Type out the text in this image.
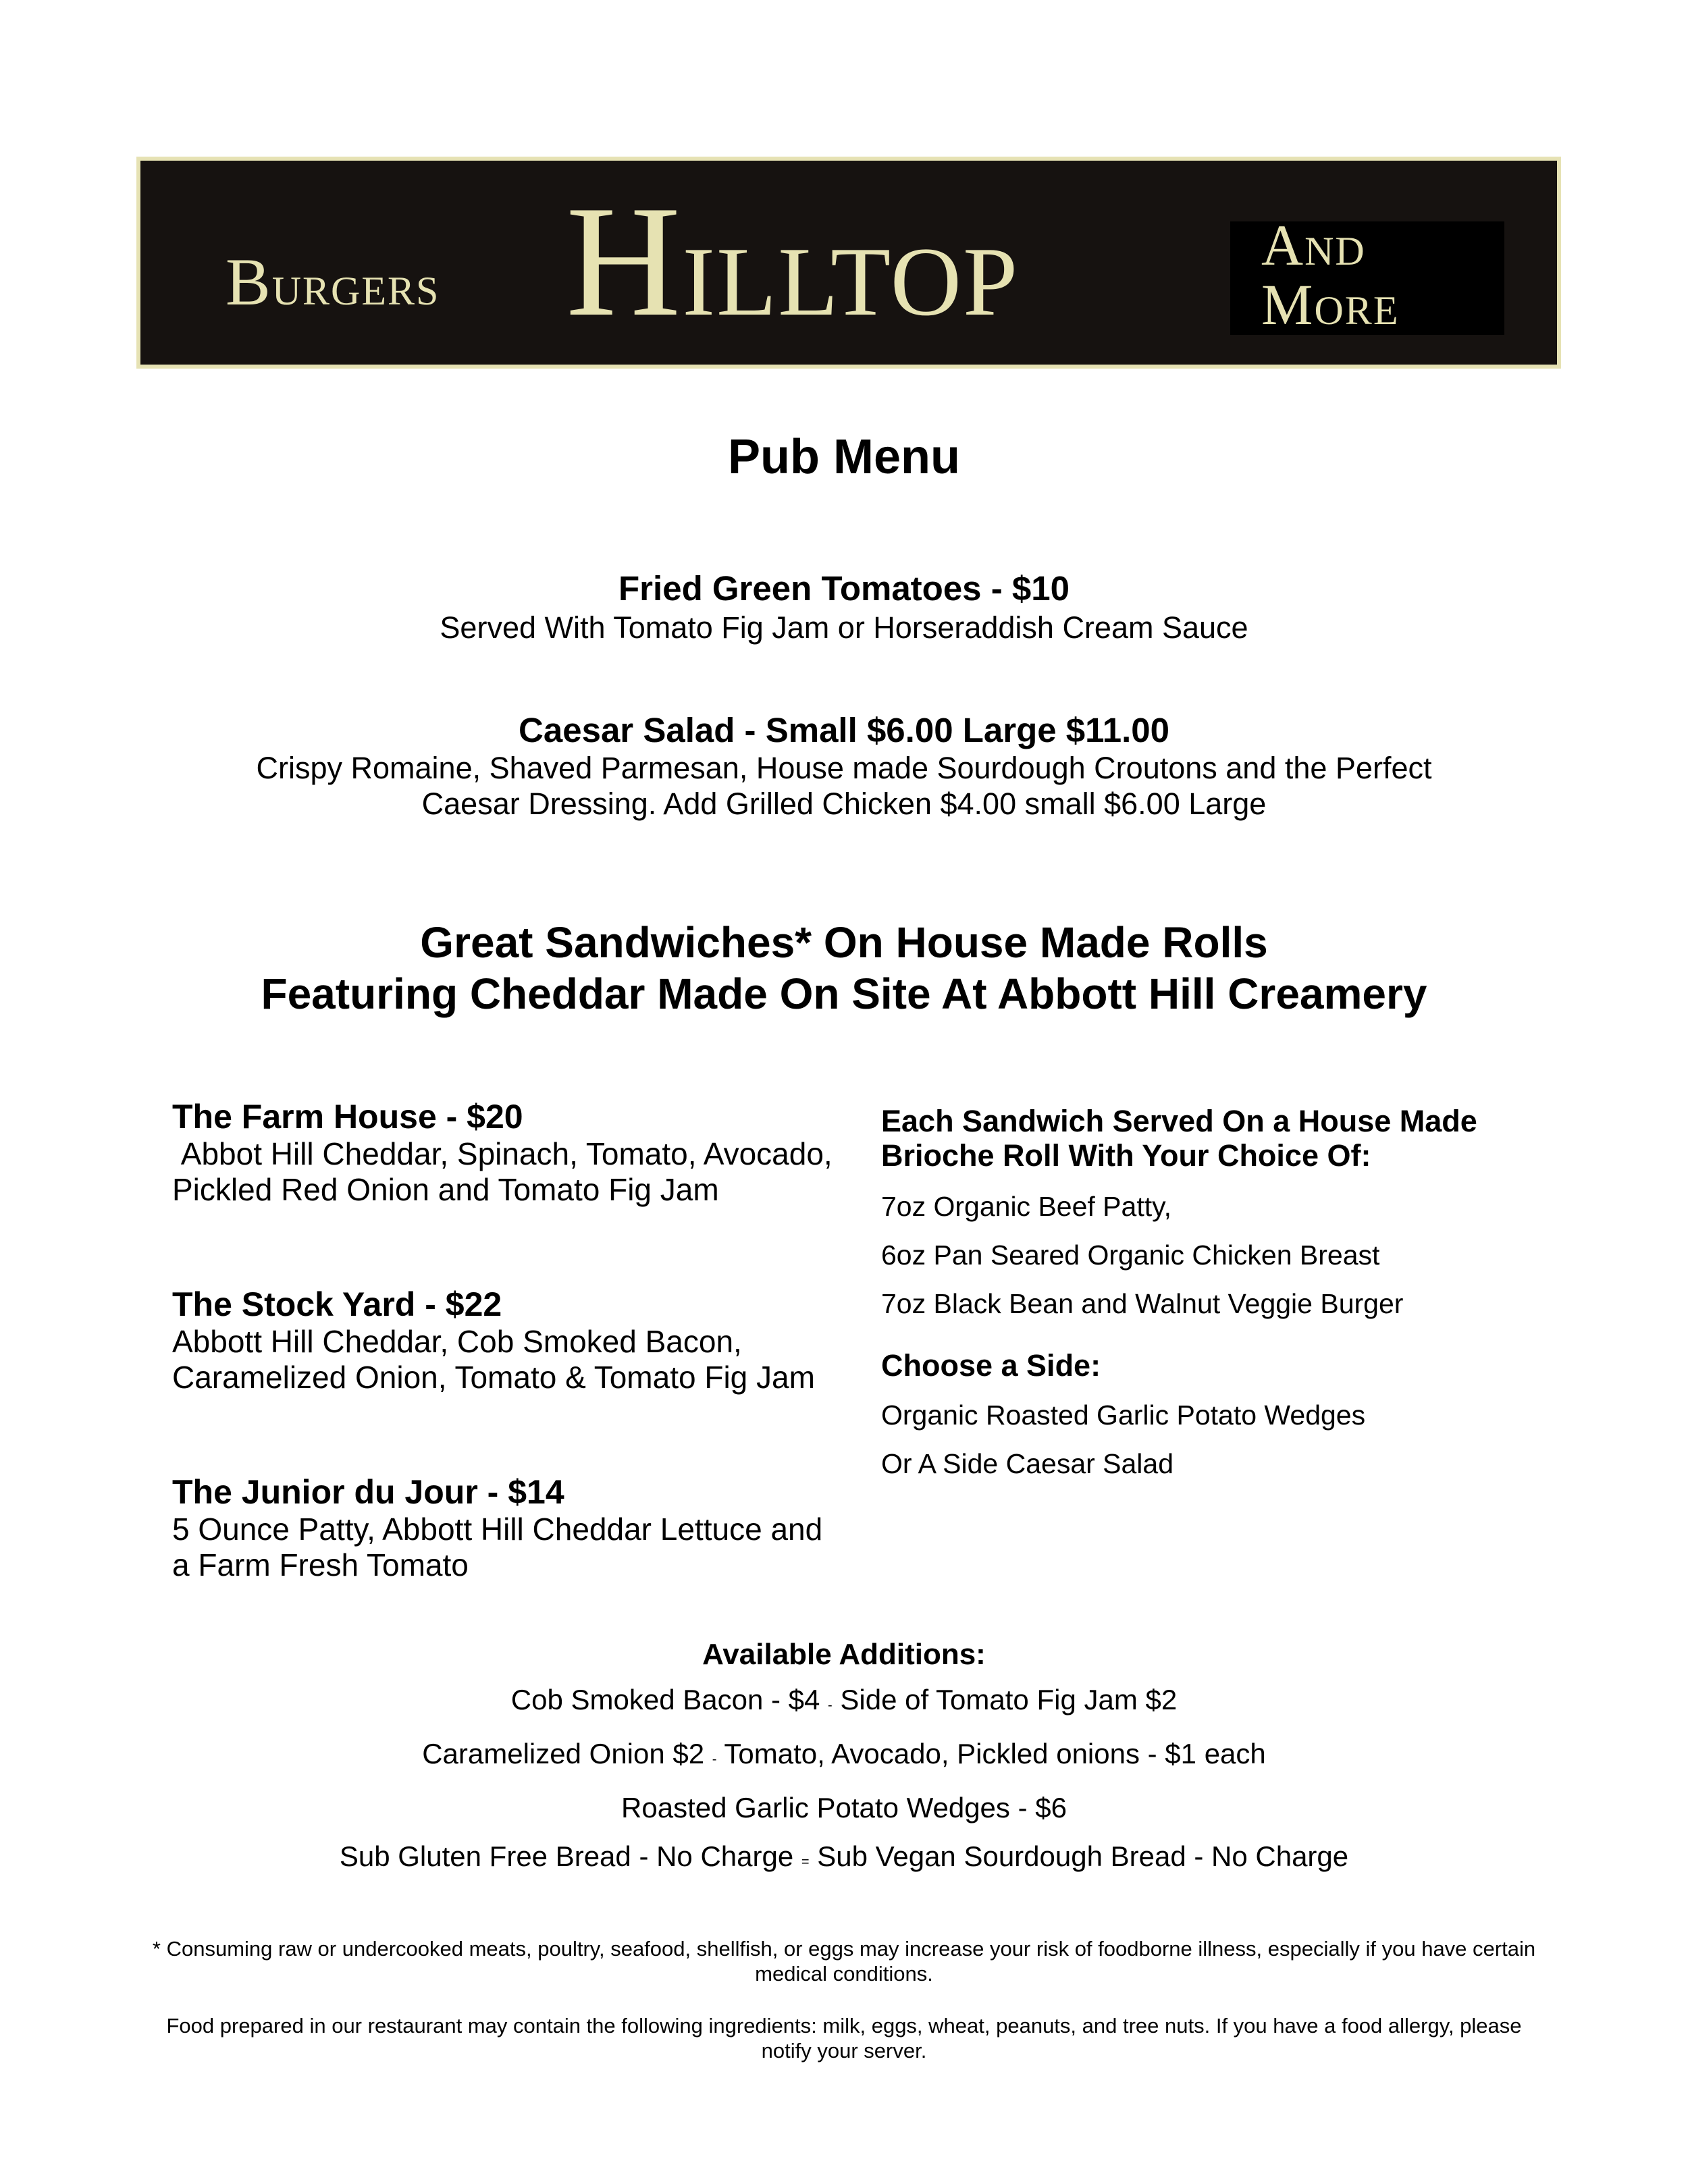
Burgers Hilltop	And
More
Pub Menu
Fried Green Tomatoes - $10
Served With Tomato Fig Jam or Horseraddish Cream Sauce
Caesar Salad - Small $6.00 Large $11.00
Crispy Romaine, Shaved Parmesan, House made Sourdough Croutons and the Perfect Caesar Dressing. Add Grilled Chicken $4.00 small $6.00 Large
Great Sandwiches* On House Made Rolls
Featuring Cheddar Made On Site At Abbott Hill Creamery
The Farm House - $20
Abbot Hill Cheddar, Spinach, Tomato, Avocado, Pickled Red Onion and Tomato Fig Jam
The Stock Yard - $22
Abbott Hill Cheddar, Cob Smoked Bacon, Caramelized Onion, Tomato & Tomato Fig Jam
The Junior du Jour - $14
5 Ounce Patty, Abbott Hill Cheddar Lettuce and a Farm Fresh Tomato
Each Sandwich Served On a House Made Brioche Roll With Your Choice Of:
7oz Organic Beef Patty,
6oz Pan Seared Organic Chicken Breast
7oz Black Bean and Walnut Veggie Burger
Choose a Side:
Organic Roasted Garlic Potato Wedges
Or A Side Caesar Salad
Available Additions:
Cob Smoked Bacon - $4 - Side of Tomato Fig Jam $2
Caramelized Onion $2 - Tomato, Avocado, Pickled onions - $1 each
Roasted Garlic Potato Wedges - $6
Sub Gluten Free Bread - No Charge = Sub Vegan Sourdough Bread - No Charge
* Consuming raw or undercooked meats, poultry, seafood, shellfish, or eggs may increase your risk of foodborne illness, especially if you have certain medical conditions.
Food prepared in our restaurant may contain the following ingredients: milk, eggs, wheat, peanuts, and tree nuts. If you have a food allergy, please notify your server.
